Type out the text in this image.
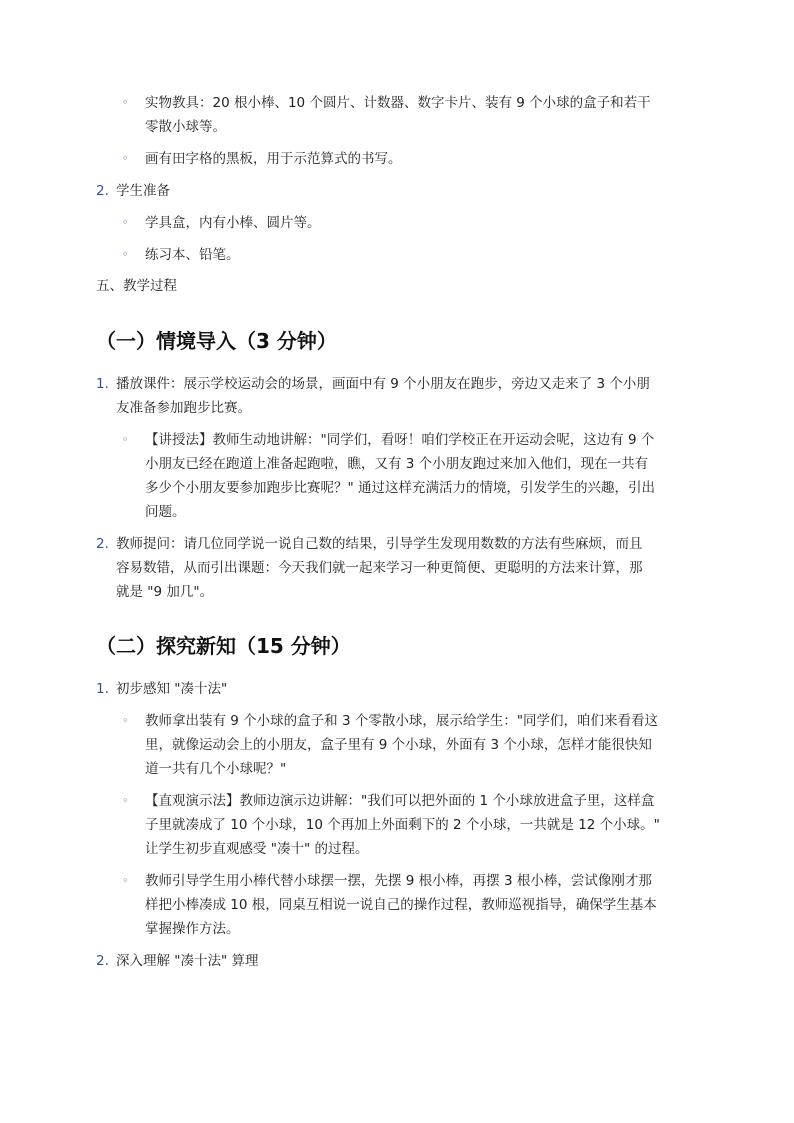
◦ 实物教具：20 根小棒、10 个圆片、计数器、数字卡片、装有 9 个小球的盒子和若干
零散小球等。
◦ 画有田字格的黑板，用于示范算式的书写。
2. 学生准备
◦ 学具盒，内有小棒、圆片等。
◦ 练习本、铅笔。
五、教学过程
（一）情境导入（3 分钟）
1. 播放课件：展示学校运动会的场景，画面中有 9 个小朋友在跑步，旁边又走来了 3 个小朋
友准备参加跑步比赛。
◦ 【讲授法】教师生动地讲解："同学们，看呀！咱们学校正在开运动会呢，这边有 9 个
小朋友已经在跑道上准备起跑啦，瞧，又有 3 个小朋友跑过来加入他们，现在一共有
多少个小朋友要参加跑步比赛呢？" 通过这样充满活力的情境，引发学生的兴趣，引出
问题。
2. 教师提问：请几位同学说一说自己数的结果，引导学生发现用数数的方法有些麻烦，而且
容易数错，从而引出课题：今天我们就一起来学习一种更简便、更聪明的方法来计算，那
就是 "9 加几"。
（二）探究新知（15 分钟）
1. 初步感知 "凑十法"
◦ 教师拿出装有 9 个小球的盒子和 3 个零散小球，展示给学生："同学们，咱们来看看这
里，就像运动会上的小朋友，盒子里有 9 个小球，外面有 3 个小球，怎样才能很快知
道一共有几个小球呢？"
◦ 【直观演示法】教师边演示边讲解："我们可以把外面的 1 个小球放进盒子里，这样盒
子里就凑成了 10 个小球，10 个再加上外面剩下的 2 个小球，一共就是 12 个小球。"
让学生初步直观感受 "凑十" 的过程。
◦ 教师引导学生用小棒代替小球摆一摆，先摆 9 根小棒，再摆 3 根小棒，尝试像刚才那
样把小棒凑成 10 根，同桌互相说一说自己的操作过程，教师巡视指导，确保学生基本
掌握操作方法。
2. 深入理解 "凑十法" 算理
